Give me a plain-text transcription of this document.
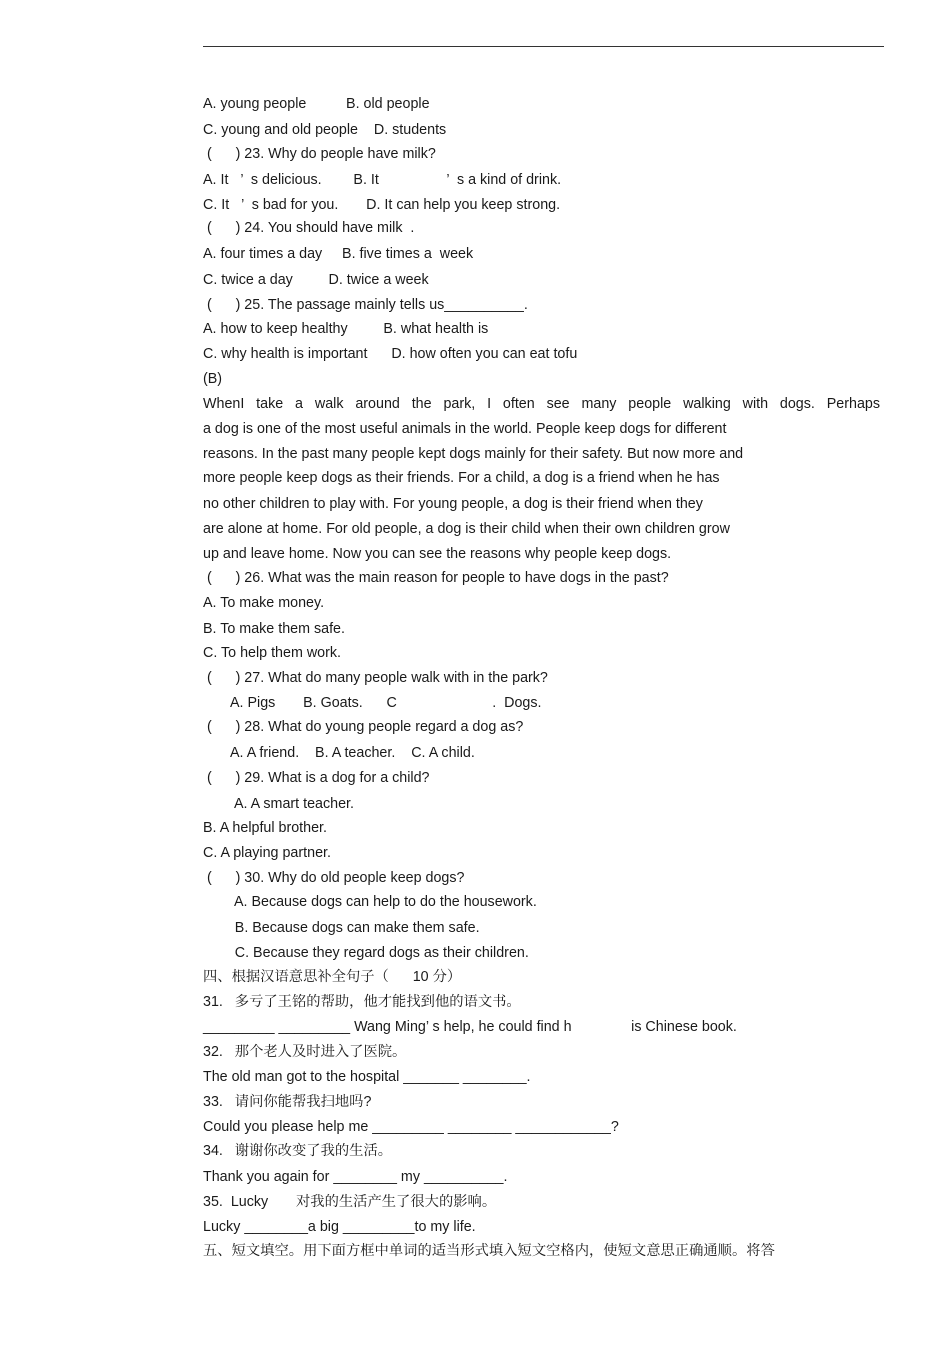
A. young people          B. old people
C. young and old people    D. students
(      ) 23. Why do people have milk?
A. It   ’  s delicious.        B. It                 ’  s a kind of drink.
C. It   ’  s bad for you.       D. It can help you keep strong.
(      ) 24. You should have milk  .
A. four times a day     B. five times a  week
C. twice a day         D. twice a week
(      ) 25. The passage mainly tells us__________.
A. how to keep healthy         B. what health is
C. why health is important      D. how often you can eat tofu
(B)
WhenI take a walk around the park, I often see many people walking with dogs. Perhaps
a dog is one of the most useful animals in the world. People keep dogs for different
reasons. In the past many people kept dogs mainly for their safety. But now more and
more people keep dogs as their friends. For a child, a dog is a friend when he has
no other children to play with. For young people, a dog is their friend when they
are alone at home. For old people, a dog is their child when their own children grow
up and leave home. Now you can see the reasons why people keep dogs.
(      ) 26. What was the main reason for people to have dogs in the past?
A. To make money.
B. To make them safe.
C. To help them work.
(      ) 27. What do many people walk with in the park?
A. Pigs       B. Goats.      C                        .  Dogs.
(      ) 28. What do young people regard a dog as?
A. A friend.    B. A teacher.    C. A child.
(      ) 29. What is a dog for a child?
A. A smart teacher.
B. A helpful brother.
C. A playing partner.
(      ) 30. Why do old people keep dogs?
A. Because dogs can help to do the housework.
B. Because dogs can make them safe.
C. Because they regard dogs as their children.
四、根据汉语意思补全句子（      10 分）
31.   多亏了王铭的帮助，他才能找到他的语文书。
_________ _________ Wang Ming’ s help, he could find h               is Chinese book.
32.   那个老人及时进入了医院。
The old man got to the hospital _______ ________.
33.   请问你能帮我扫地吗?
Could you please help me _________ ________ ____________?
34.   谢谢你改变了我的生活。
Thank you again for ________ my __________.
35.  Lucky       对我的生活产生了很大的影响。
Lucky ________a big _________to my life.
五、短文填空。用下面方框中单词的适当形式填入短文空格内，使短文意思正确通顺。将答
